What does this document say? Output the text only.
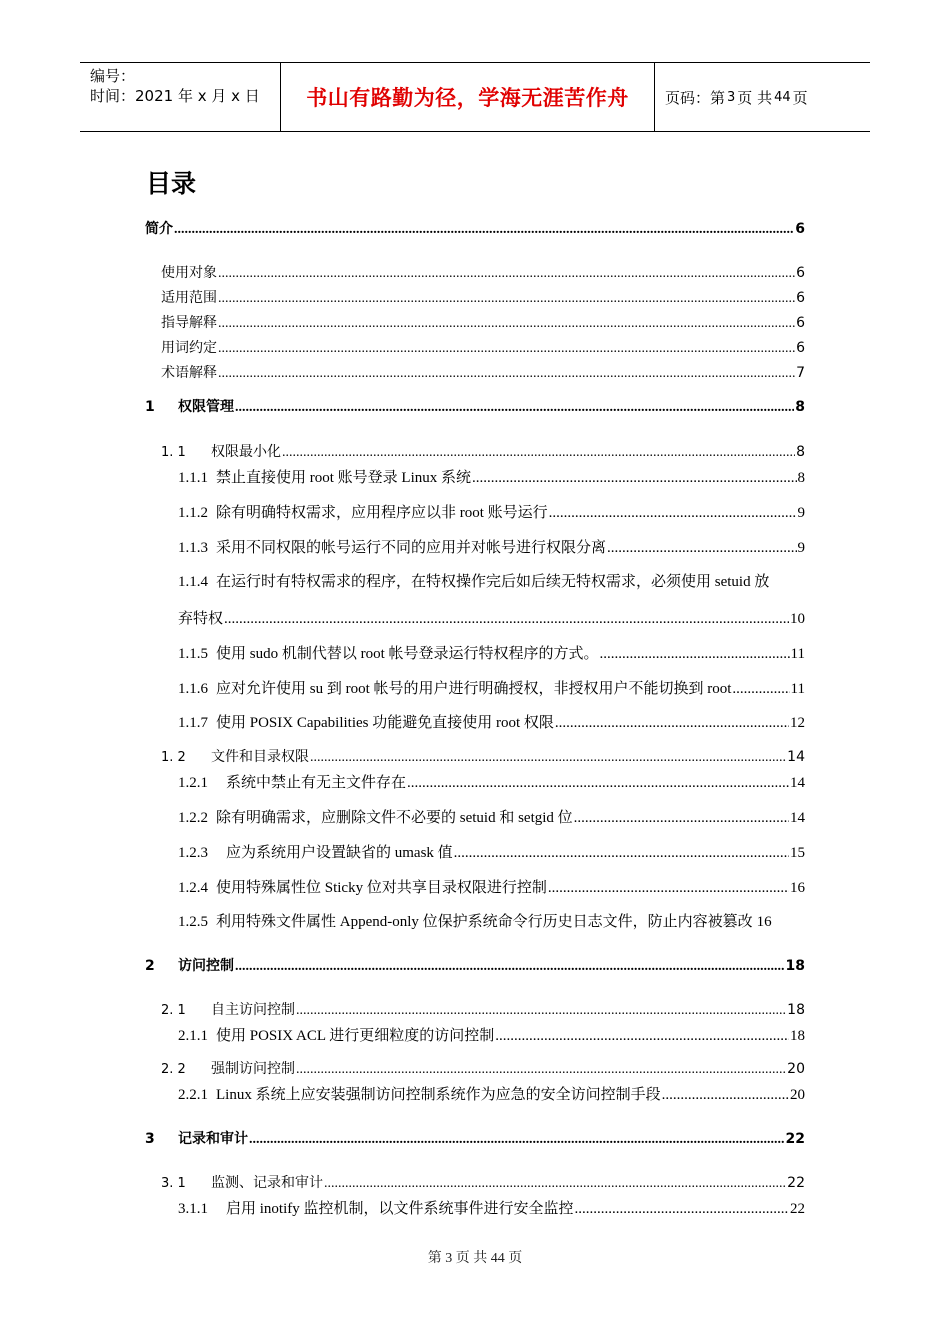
编号：
时间：2021 年 x 月 x 日	书山有路勤为径，学海无涯苦作舟	页码：第 3 页 共 44 页
目录
简介 .....	6
使用对象 .....	6
适用范围 .....	6
指导解释 .....	6
用词约定 .....	6
术语解释 .....	7
1 权限管理 .....	8
1. 1 权限最小化 .....	8
1.1.1 禁止直接使用 root 账号登录 Linux 系统 .....	8
1.1.2 除有明确特权需求，应用程序应以非 root 账号运行 .....	9
1.1.3 采用不同权限的帐号运行不同的应用并对帐号进行权限分离 .....	9
1.1.4 在运行时有特权需求的程序，在特权操作完后如后续无特权需求，必须使用 setuid 放
弃特权 .....	10
1.1.5 使用 sudo 机制代替以 root 帐号登录运行特权程序的方式。 .....	11
1.1.6 应对允许使用 su 到 root 帐号的用户进行明确授权，非授权用户不能切换到 root .....	11
1.1.7 使用 POSIX Capabilities 功能避免直接使用 root 权限 .....	12
1. 2 文件和目录权限 .....	14
1.2.1 系统中禁止有无主文件存在 .....	14
1.2.2 除有明确需求，应删除文件不必要的 setuid 和 setgid 位 .....	14
1.2.3 应为系统用户设置缺省的 umask 值 .....	15
1.2.4 使用特殊属性位 Sticky 位对共享目录权限进行控制 .....	16
1.2.5 利用特殊文件属性 Append-only 位保护系统命令行历史日志文件，防止内容被篡改 16
2 访问控制 .....	18
2. 1 自主访问控制 .....	18
2.1.1 使用 POSIX ACL 进行更细粒度的访问控制 .....	18
2. 2 强制访问控制 .....	20
2.2.1 Linux 系统上应安装强制访问控制系统作为应急的安全访问控制手段 .....	20
3 记录和审计 .....	22
3. 1 监测、记录和审计 .....	22
3.1.1 启用 inotify 监控机制，以文件系统事件进行安全监控 .....	22
第 3 页 共 44 页
